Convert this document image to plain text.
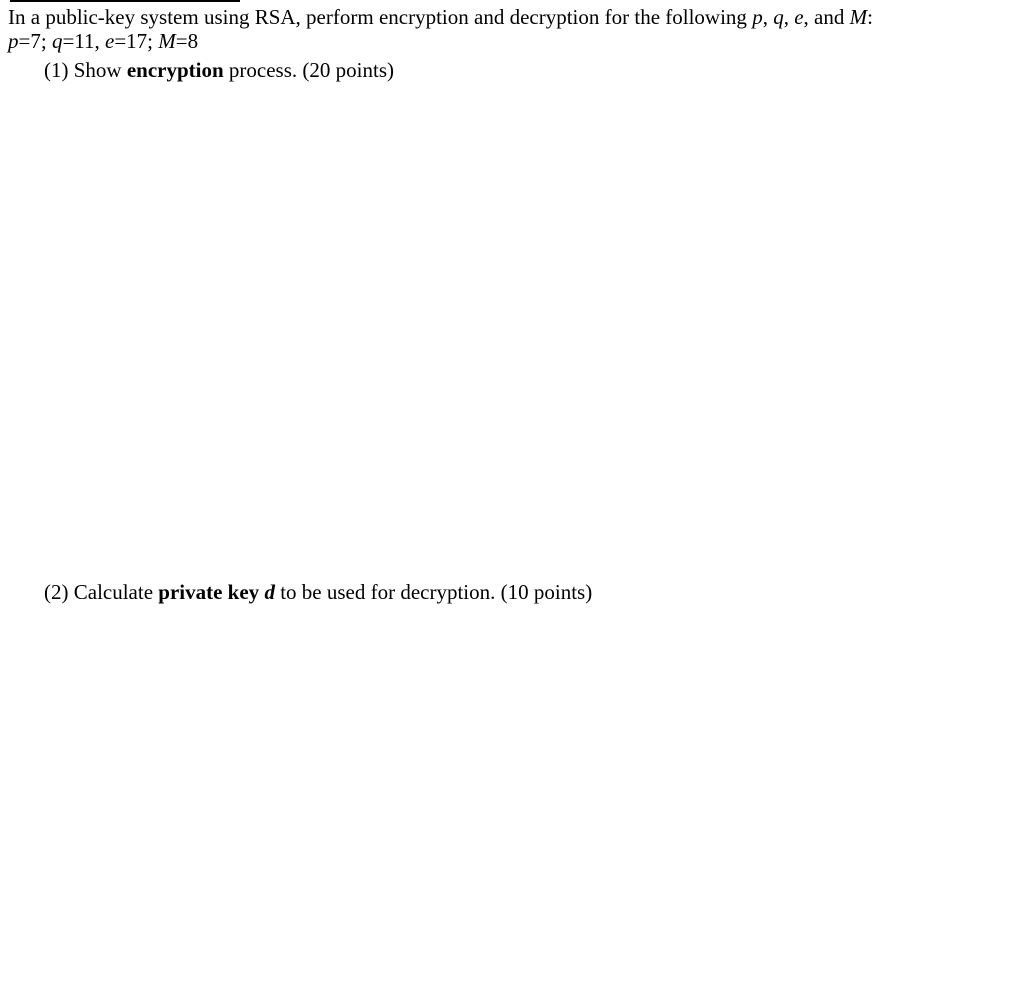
In a public-key system using RSA, perform encryption and decryption for the following p, q, e, and M:
p=7; q=11, e=17; M=8
(1) Show encryption process. (20 points)
(2) Calculate private key d to be used for decryption. (10 points)
